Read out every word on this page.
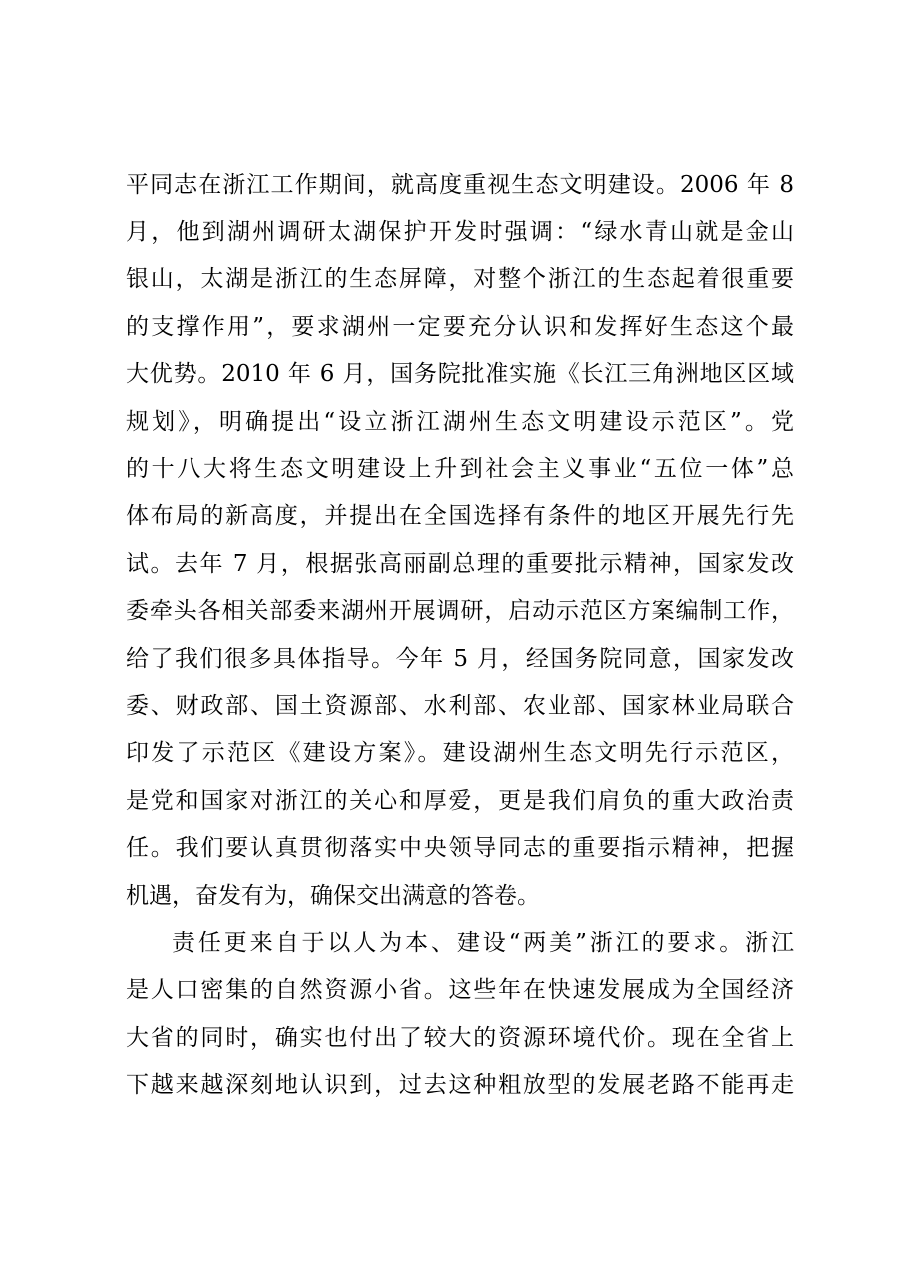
平同志在浙江工作期间，就高度重视生态文明建设。2006 年 8
月，他到湖州调研太湖保护开发时强调：“绿水青山就是金山
银山，太湖是浙江的生态屏障，对整个浙江的生态起着很重要
的支撑作用”，要求湖州一定要充分认识和发挥好生态这个最
大优势。2010 年 6 月，国务院批准实施《长江三角洲地区区域
规划》，明确提出“设立浙江湖州生态文明建设示范区”。党
的十八大将生态文明建设上升到社会主义事业“五位一体”总
体布局的新高度，并提出在全国选择有条件的地区开展先行先
试。去年 7 月，根据张高丽副总理的重要批示精神，国家发改
委牵头各相关部委来湖州开展调研，启动示范区方案编制工作，
给了我们很多具体指导。今年 5 月，经国务院同意，国家发改
委、财政部、国土资源部、水利部、农业部、国家林业局联合
印发了示范区《建设方案》。建设湖州生态文明先行示范区，
是党和国家对浙江的关心和厚爱，更是我们肩负的重大政治责
任。我们要认真贯彻落实中央领导同志的重要指示精神，把握
机遇，奋发有为，确保交出满意的答卷。
责任更来自于以人为本、建设“两美”浙江的要求。浙江
是人口密集的自然资源小省。这些年在快速发展成为全国经济
大省的同时，确实也付出了较大的资源环境代价。现在全省上
下越来越深刻地认识到，过去这种粗放型的发展老路不能再走
